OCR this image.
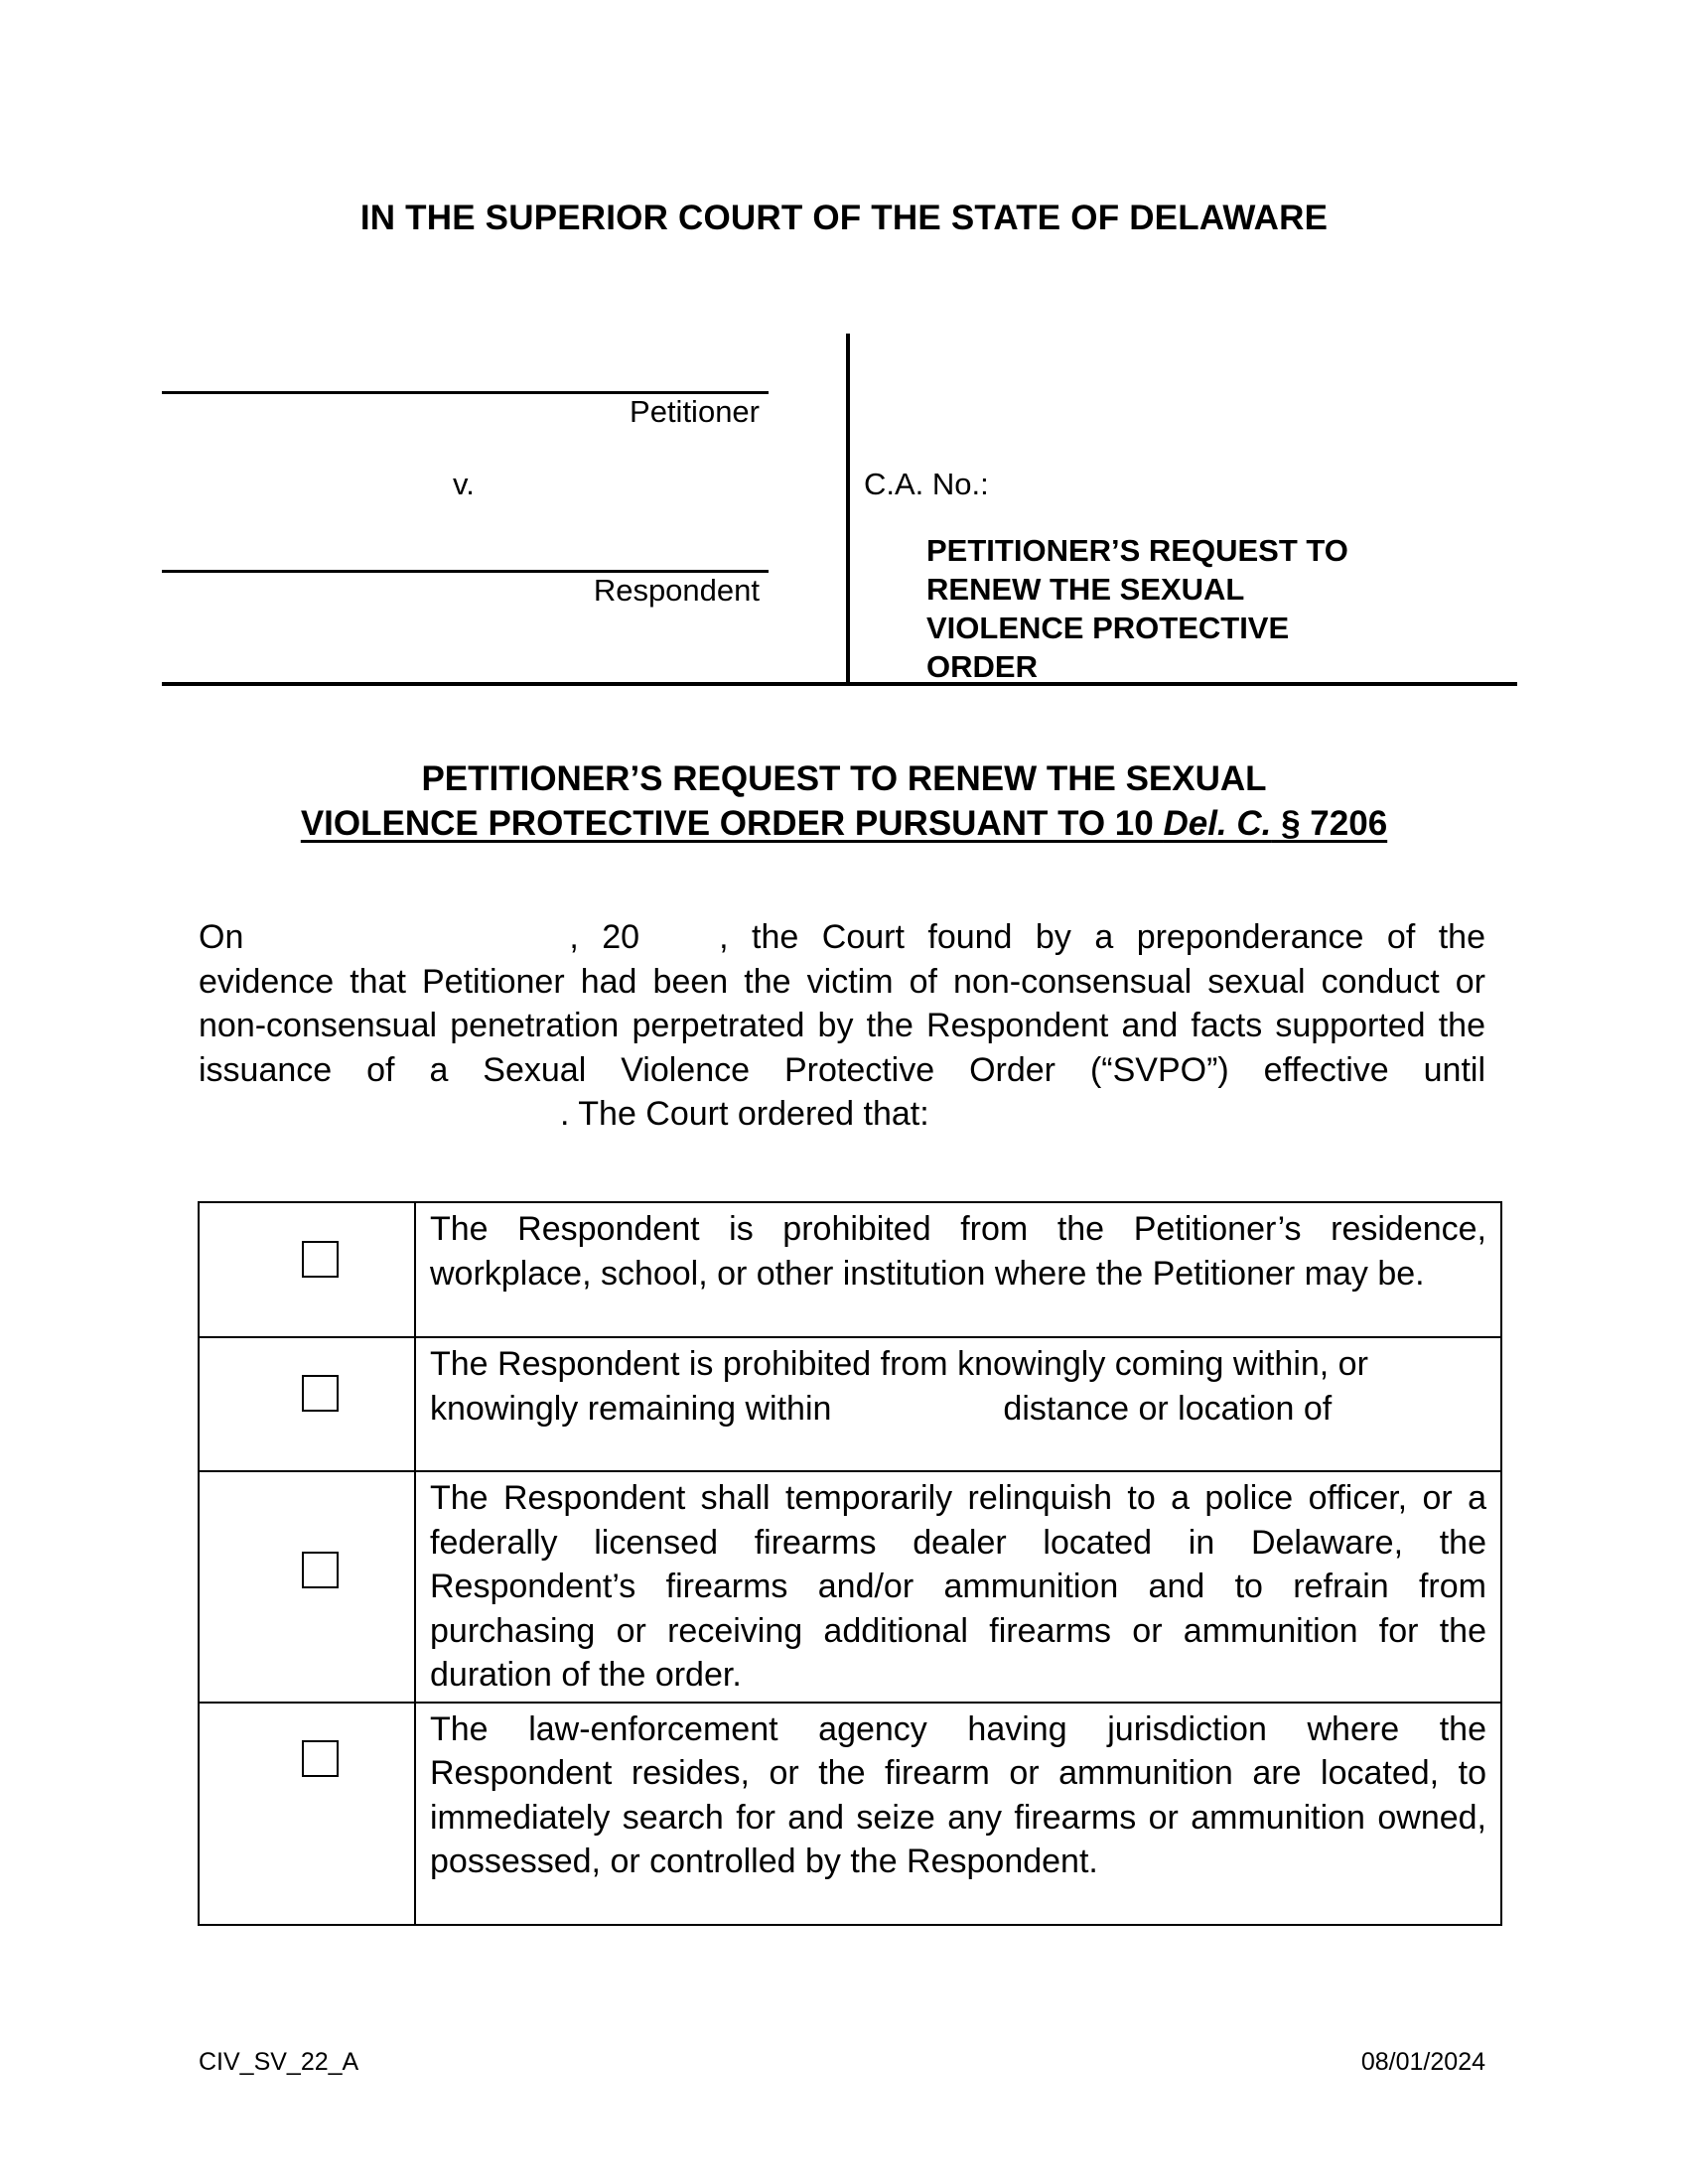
IN THE SUPERIOR COURT OF THE STATE OF DELAWARE
Petitioner
v.
Respondent
C.A. No.:
PETITIONER’S REQUEST TO
RENEW THE SEXUAL
VIOLENCE PROTECTIVE
ORDER
PETITIONER’S REQUEST TO RENEW THE SEXUAL
VIOLENCE PROTECTIVE ORDER PURSUANT TO 10 Del. C. § 7206
On	, 20 , the Court found by a preponderance of the evidence that Petitioner had been the victim of non-consensual sexual conduct or non-consensual penetration perpetrated by the Respondent and facts supported the issuance of a Sexual Violence Protective Order (“SVPO”) effective until. The Court ordered that:
	The Respondent is prohibited from the Petitioner’s residence, workplace, school, or other institution where the Petitioner may be.

	The Respondent is prohibited from knowingly coming within, or knowingly remaining within distance or location of

	The Respondent shall temporarily relinquish to a police officer, or a federally licensed firearms dealer located in Delaware, the Respondent’s firearms and/or ammunition and to refrain from purchasing or receiving additional firearms or ammunition for the duration of the order.

	The law-enforcement agency having jurisdiction where the Respondent resides, or the firearm or ammunition are located, to immediately search for and seize any firearms or ammunition owned, possessed, or controlled by the Respondent.
CIV_SV_22_A	08/01/2024
